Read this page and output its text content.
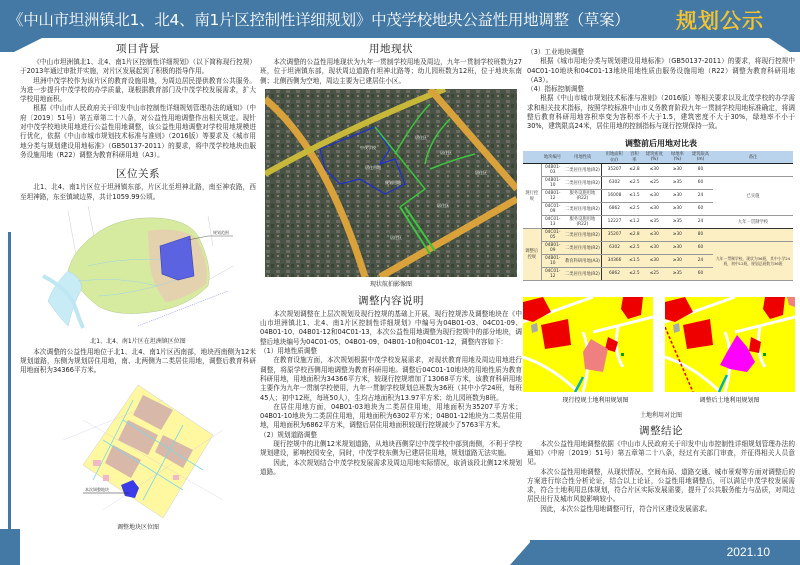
《中山市坦洲镇北1、北4、南1片区控制性详细规划》中茂学校地块公益性用地调整（草案） 规划公示
项目背景

《中山市坦洲镇北1、北4、南1片区控制性详细规划》（以下简称现行控规）于2013年通过审批并实施，对片区发展起到了积极的指导作用。

坦洲中茂学校作为该片区的教育设施用地，为周边居民提供教育公共服务。为进一步提升中茂学校的办学质量，现根据教育部门及中茂学校发展需求，扩大学校用地面积。

根据《中山市人民政府关于印发中山市控制性详细规划管理办法的通知》（中府〔2019〕51号）第五章第二十八条，对公益性用地调整作出相关规定。现针对中茂学校地块用地进行公益性用地调整，该公益性用地调整对学校用地规模进行优化，依据《中山市城市规划技术标准与准则》（2016版）等要求及《城市用地分类与规划建设用地标准》（GB50137-2011）的要求，将中茂学校地块由服务设施用地（R22）调整为教育科研用地（A3）。

区位关系

北1、北4、南1片区位于坦洲镇东部，片区北至坦神北路，南至神农路，西至坦神路，东至镇域边界，共计1059.99公顷。

规划范围
北1、北4、南1片区在坦洲镇区位图

本次调整的公益性用地位于北1、北4、南1片区西南部，地块西南侧为12米规划道路，东侧为规划居住用地，南、北两侧为二类居住用地，调整后教育科研用地面积为34366平方米。

本次调整地块
调整地块区位图
用地现状

本次调整的公益性用地现状为九年一贯制学校用地及周边，九年一贯制学校班数为27班，位于坦洲镇东部，现状周边道路有坦神北路等；幼儿园班数为12班，位于地块东南侧；北侧西侧为空地，周边主要为已建居住小区。

中茂学校
居住用地
规划用地
居住区
居住区
居住区
居住区
居住区
现状航拍影像图
调整内容说明

本次规划调整在上层次规划及现行控规的基础上开展，现行控规涉及调整地块在《中山市坦洲镇北1、北4、南1片区控制性详细规划》中编号为04B01-03、04C01-09、04B01-10、04B01-12和04C01-13，本次公益性用地调整为现行控规中的部分地块，调整后地块编号为04C01-05、04B01-09、04B01-10和04C01-12，调整内容如下：

（1）用地性质调整

在教育设施方面，本次规划根据中茂学校发展需求，对现状教育用地及周边用地进行调整，将原学校西侧用地调整为教育科研用地。调整后04C01-10地块的用地性质为教育科研用地，用地面积为34366平方米，较现行控规增加了13068平方米，该教育科研用地主要作为九年一贯制学校使用，九年一贯制学校规划总班数为36班（其中小学24班，每班45人；初中12班，每班50人），生均占地面积为13.97平方米；幼儿园班数为8班。

在居住用地方面，04B01-03地块为二类居住用地，用地面积为35207平方米；04B01-10地块为二类居住用地，用地面积为6302平方米；04B01-12地块为二类居住用地，用地面积为6862平方米，调整后居住用地面积较现行控规减少了5763平方米。

（2）规划道路调整

现行控规中的北侧12米规划道路，从地块西侧穿过中茂学校中部到南侧，不利于学校规划建设，影响校园安全，同时，中茂学校东侧为已建居住用地，规划道路无法实施。

因此，本次规划结合中茂学校发展需求及周边用地实际情况，取消该段北侧12米规划道路。

（3）工业地块调整

根据《城市用地分类与规划建设用地标准》（GB50137-2011）的要求，将现行控规中04C01-10地块和04C01-13地块用地性质由服务设施用地（R22）调整为教育科研用地（A3）。

（4）指标控制调整

根据《中山市城市规划技术标准与准则》（2016版）等相关要求以及北茂学校的办学需求和相关技术指标，按照学校标准中山市义务教育阶段九年一贯制学校用地标准确定，将调整后教育科研用地容积率变为容积率不大于1.5，建筑密度不大于30%，绿地率不小于30%，建筑限高24米，居住用地的控制指标与现行控规保持一致。

调整前后用地对比表
	地块编号	用地性质	用地面积(㎡)	容积率	建筑密度(%)	绿地率(%)	建筑限高(m)	备注
现行控规	04B01-03	二类居住用地(R2)	35207	≤2.8	≤30	≥30	80	
	04B01-10	二类居住用地(R2)	6302	≤2.5	≤25	≥35	60	已实施
	04B01-12	服务设施用地(R22)	16008	≤1.5	≤30	≥30	24	
	04C01-09	二类居住用地(R2)	6862	≤2.5	≤30	≥30	60	
	04C01-13	服务设施用地(R22)	12227	≤1.2	≤35	≥35	24	九年一贯制学校
调整后控规	04C01-05	二类居住用地(R2)	35207	≤2.8	≤30	≥30	80	
	04B01-09	二类居住用地(R2)	6302	≤2.5	≤30	≥30	60	九年一贯制学校，现状为36班，其中小学24班，初中12班，规划总班数为36班
	04B01-10	教育科研用地(A3)	34366	≤1.5	≤30	≥30	24	
	04C01-12	二类居住用地(R2)	6862	≤2.5	≤25	≥35	60	
现行控规土地利用规划图	调整后土地利用规划图
土地利用对比图
调整结论

本次公益性用地调整依据《中山市人民政府关于印发中山市控制性详细规划管理办法的通知》（中府〔2019〕51号）第五章第二十八条，经过有关部门审查，并征得相关人员意见。

本次公益性用地调整，从现状情况、空间布局、道路交通、城市景观等方面对调整后的方案进行综合性分析论证，结合以上论证，公益性用地调整后，可以满足中茂学校发展需求，符合土地利用总体规划，符合片区实际发展需要，提升了公共服务能力与品质，对周边居民出行及城市风貌影响较小。

因此，本次公益性用地调整可行，符合片区建设发展需求。

2021.10
